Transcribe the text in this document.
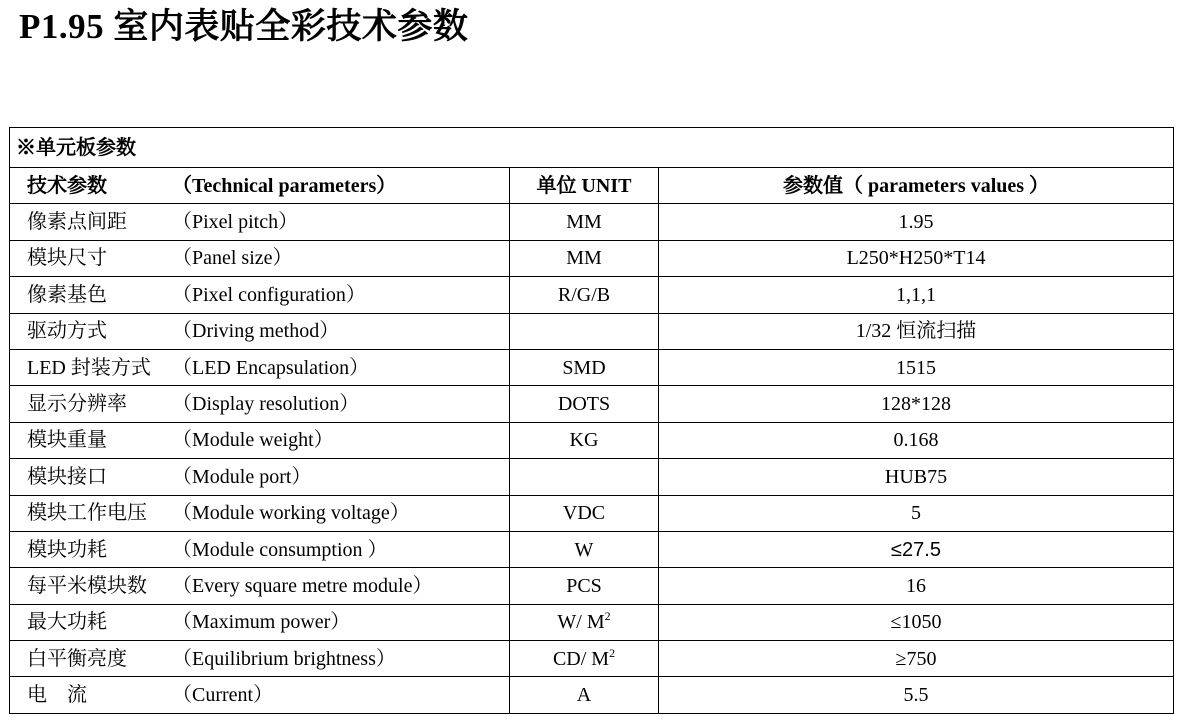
P1.95 室内表贴全彩技术参数
※单元板参数		
技术参数 （Technical parameters）	单位 UNIT	参数值（ parameters values ）
像素点间距 （Pixel pitch）	MM	1.95
模块尺寸 （Panel size）	MM	L250*H250*T14
像素基色 （Pixel configuration）	R/G/B	1,1,1
驱动方式 （Driving method）		1/32 恒流扫描
LED 封装方式 （LED Encapsulation）	SMD	1515
显示分辨率 （Display resolution）	DOTS	128*128
模块重量 （Module weight）	KG	0.168
模块接口 （Module port）		HUB75
模块工作电压 （Module working voltage）	VDC	5
模块功耗 （Module consumption ）	W	≤27.5
每平米模块数 （Every square metre module）	PCS	16
最大功耗 （Maximum power）	W/ $M^2$	≤1050
白平衡亮度 （Equilibrium brightness）	CD/ $M^2$	≥750
电　流 （Current）	A	5.5
